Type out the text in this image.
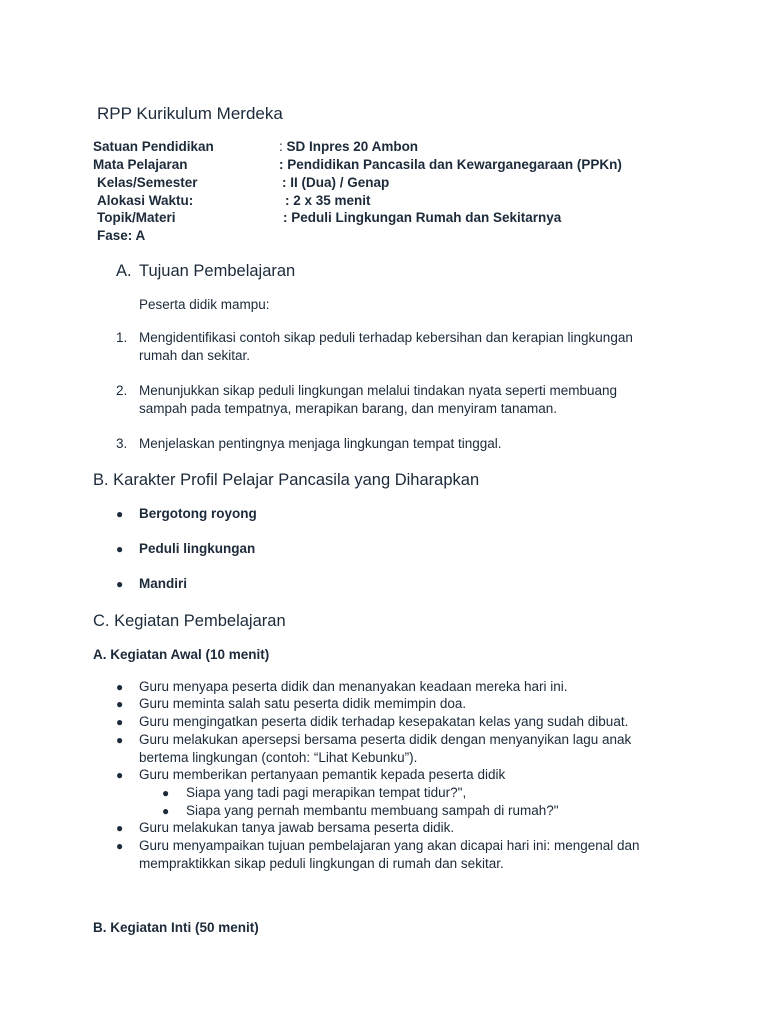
RPP Kurikulum Merdeka
Satuan Pendidikan	: SD Inpres 20 Ambon
Mata Pelajaran	: Pendidikan Pancasila dan Kewarganegaraan (PPKn)
Kelas/Semester	: II (Dua) / Genap
Alokasi Waktu:	: 2 x 35 menit
Topik/Materi	: Peduli Lingkungan Rumah dan Sekitarnya
Fase: A
A. Tujuan Pembelajaran
Peserta didik mampu:
1. Mengidentifikasi contoh sikap peduli terhadap kebersihan dan kerapian lingkungan
rumah dan sekitar.
2. Menunjukkan sikap peduli lingkungan melalui tindakan nyata seperti membuang
sampah pada tempatnya, merapikan barang, dan menyiram tanaman.
3. Menjelaskan pentingnya menjaga lingkungan tempat tinggal.
B. Karakter Profil Pelajar Pancasila yang Diharapkan
● Bergotong royong
● Peduli lingkungan
● Mandiri
C. Kegiatan Pembelajaran
A. Kegiatan Awal (10 menit)
● Guru menyapa peserta didik dan menanyakan keadaan mereka hari ini.
● Guru meminta salah satu peserta didik memimpin doa.
● Guru mengingatkan peserta didik terhadap kesepakatan kelas yang sudah dibuat.
● Guru melakukan apersepsi bersama peserta didik dengan menyanyikan lagu anak
bertema lingkungan (contoh: “Lihat Kebunku”).
● Guru memberikan pertanyaan pemantik kepada peserta didik
● Siapa yang tadi pagi merapikan tempat tidur?",
● Siapa yang pernah membantu membuang sampah di rumah?"
● Guru melakukan tanya jawab bersama peserta didik.
● Guru menyampaikan tujuan pembelajaran yang akan dicapai hari ini: mengenal dan
mempraktikkan sikap peduli lingkungan di rumah dan sekitar.
B. Kegiatan Inti (50 menit)
